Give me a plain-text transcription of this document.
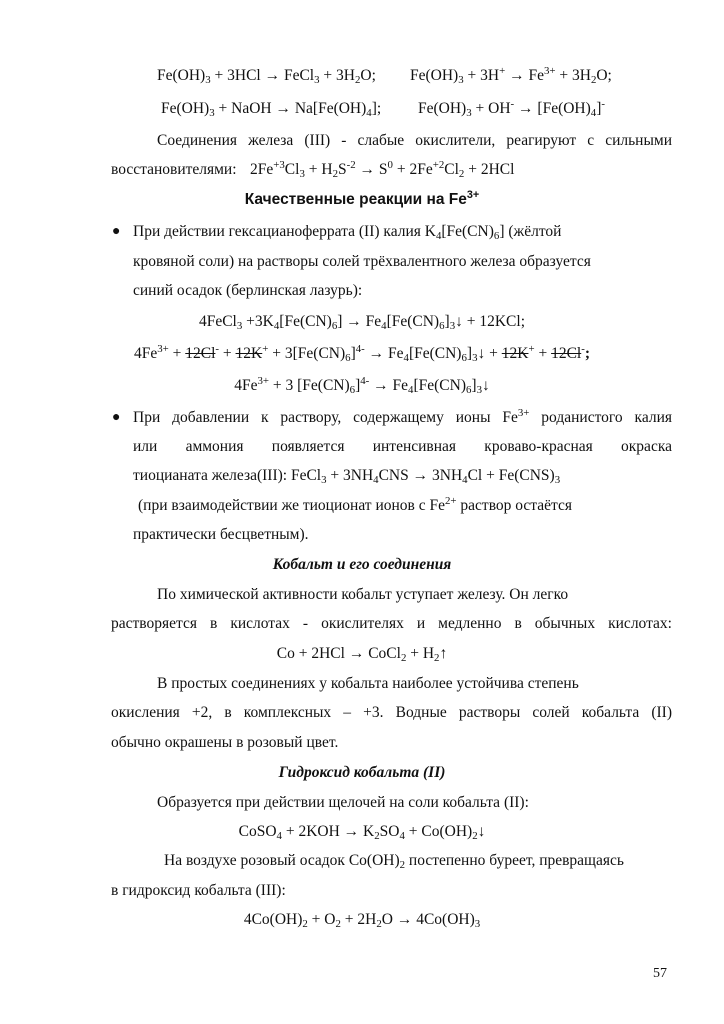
$Fe(OH)_3 + 3HCl$ → FeCl$_3$ + $3H_2O$; $Fe(OH)_3 + 3H^+ \to Fe^{3+} + 3H_2O$;
$Fe(OH)_3$ + NaOH → $Na[Fe(OH)_4]$; $Fe(OH)_3 + OH^- \to [Fe(OH)_4]^-$
Соединения железа (III) - слабые окислители, реагируют с сильными
восстановителями: $2Fe^{+3}Cl_3 + H_2S^{-2} \to S^0 + 2Fe^{+2}Cl_2 + 2HCl$
Качественные реакции на $Fe^{3+}$
● При действии гексацианоферрата (II) калия $K_4[Fe(CN)_6]$ (жёлтой
кровяной соли) на растворы солей трёхвалентного железа образуется
синий осадок (берлинская лазурь):
4FeCl$_3$ $+3K_4[Fe(CN)_6]$ → $Fe_4[Fe(CN)_6]_3↓ + 12KCl$;
$4Fe^{3+} + 12Cl^- + 12K^+ + 3[Fe(CN)_6]^{4-}$ → $Fe_4[Fe(CN)_6]_3↓ + 12K^+ + 12Cl^-$;
$4Fe^{3+} + 3$ $[Fe(CN)_6]^{4-}$ → $Fe_4[Fe(CN)_6]_3↓$
● При добавлении к раствору, содержащему ионы $Fe^{3+}$ роданистого калия
или аммония появляется интенсивная кроваво-красная окраска
тиоцианата железа(III): FeCl$_3$ + $3NH_4CNS \to 3NH_4Cl + Fe(CNS)_3$
(при взаимодействии же тиоционат ионов с $Fe^{2+}$ раствор остаётся
практически бесцветным).
Кобальт и его соединения
По химической активности кобальт уступает железу. Он легко
растворяется в кислотах - окислителях и медленно в обычных кислотах:
Co + 2HCl → CoCl$_2$ + $H_2↑$
В простых соединениях у кобальта наиболее устойчива степень
окисления +2, в комплексных – +3. Водные растворы солей кобальта (II)
обычно окрашены в розовый цвет.
Гидроксид кобальта (II)
Образуется при действии щелочей на соли кобальта (II):
CoSO$_4$ + $2KOH \to K_2SO_4$ + $Co(OH)_2↓$
На воздухе розовый осадок $Co(OH)_2$ постепенно буреет, превращаясь
в гидроксид кобальта (III):
$4Co(OH)_2 + O_2 + 2H_2O \to 4Co(OH)_3$
57
